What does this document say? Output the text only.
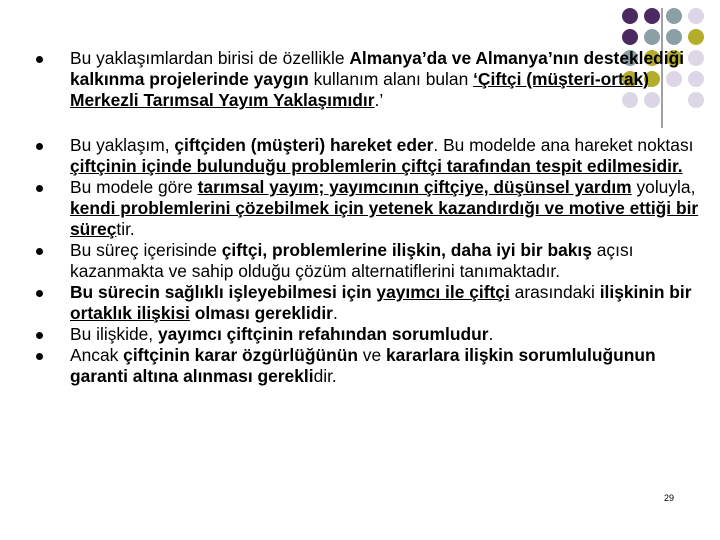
Bu yaklaşımlardan birisi de özellikle Almanya’da ve Almanya’nın desteklediği kalkınma projelerinde yaygın kullanım alanı bulan ‘Çiftçi (müşteri-ortak) Merkezli Tarımsal Yayım Yaklaşımıdır.’
Bu yaklaşım, çiftçiden (müşteri) hareket eder. Bu modelde ana hareket noktası çiftçinin içinde bulunduğu problemlerin çiftçi tarafından tespit edilmesidir.
Bu modele göre tarımsal yayım; yayımcının çiftçiye, düşünsel yardım yoluyla, kendi problemlerini çözebilmek için yetenek kazandırdığı ve motive ettiği bir süreçtir.
Bu süreç içerisinde çiftçi, problemlerine ilişkin, daha iyi bir bakış açısı kazanmakta ve sahip olduğu çözüm alternatiflerini tanımaktadır.
Bu sürecin sağlıklı işleyebilmesi için yayımcı ile çiftçi arasındaki ilişkinin bir ortaklık ilişkisi olması gereklidir.
Bu ilişkide, yayımcı çiftçinin refahından sorumludur.
Ancak çiftçinin karar özgürlüğünün ve kararlara ilişkin sorumluluğunun garanti altına alınması gereklidir.
29
